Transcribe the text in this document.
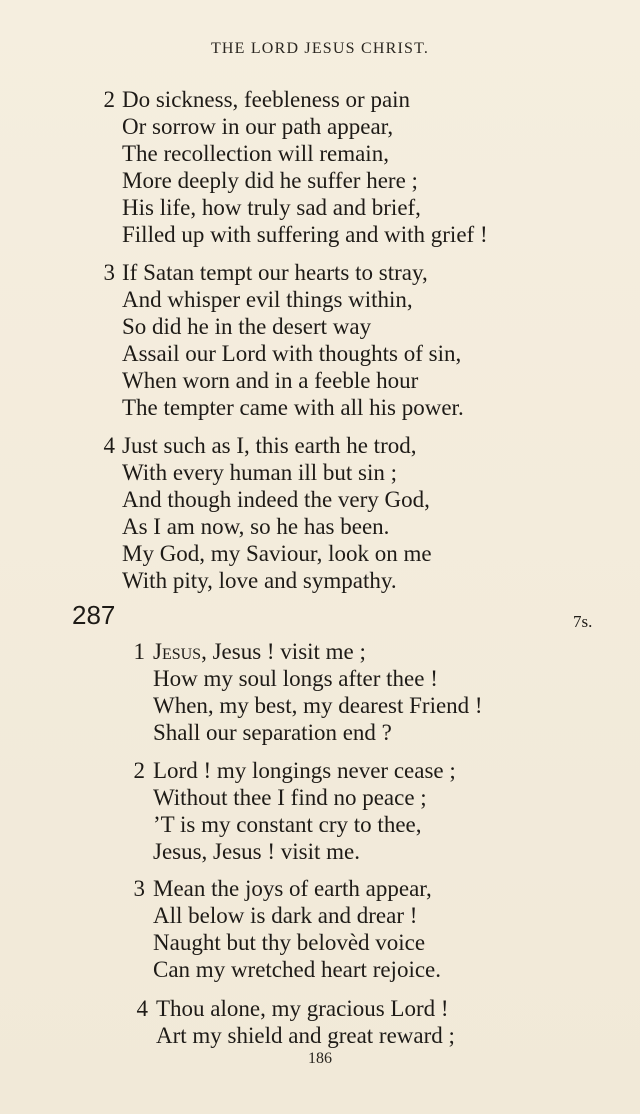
THE LORD JESUS CHRIST.
2 Do sickness, feebleness or pain
Or sorrow in our path appear,
The recollection will remain,
More deeply did he suffer here ;
His life, how truly sad and brief,
Filled up with suffering and with grief !
3 If Satan tempt our hearts to stray,
And whisper evil things within,
So did he in the desert way
Assail our Lord with thoughts of sin,
When worn and in a feeble hour
The tempter came with all his power.
4 Just such as I, this earth he trod,
With every human ill but sin ;
And though indeed the very God,
As I am now, so he has been.
My God, my Saviour, look on me
With pity, love and sympathy.
287	7s.
1 Jesus, Jesus ! visit me ;
How my soul longs after thee !
When, my best, my dearest Friend !
Shall our separation end ?
2 Lord ! my longings never cease ;
Without thee I find no peace ;
’T is my constant cry to thee,
Jesus, Jesus ! visit me.
3 Mean the joys of earth appear,
All below is dark and drear !
Naught but thy belovèd voice
Can my wretched heart rejoice.
4 Thou alone, my gracious Lord !
Art my shield and great reward ;
186
